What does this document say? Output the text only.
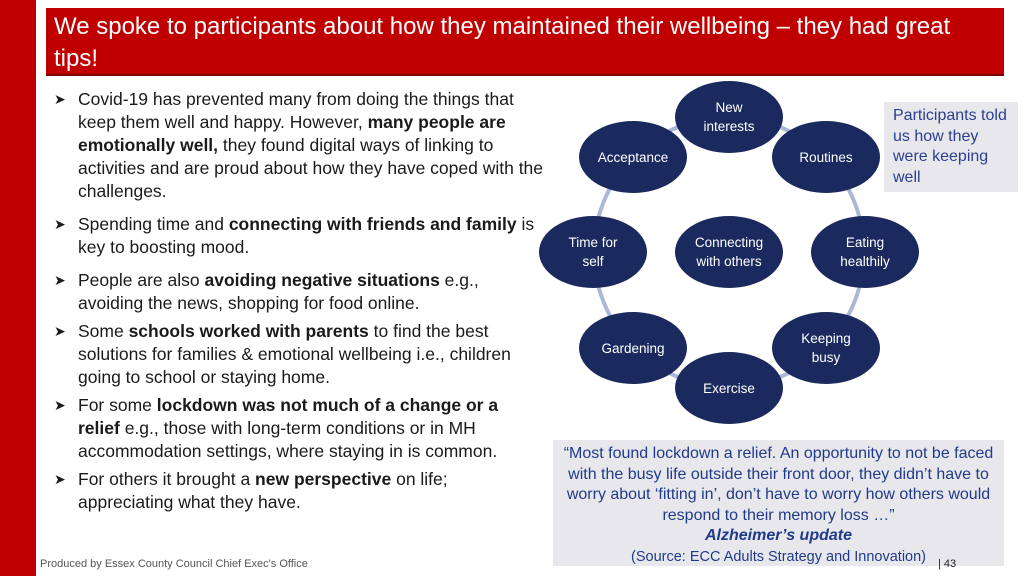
We spoke to participants about how they maintained their wellbeing – they had great tips!
➤ Covid-19 has prevented many from doing the things that keep them well and happy. However, many people are emotionally well, they found digital ways of linking to activities and are proud about how they have coped with the challenges.
➤ Spending time and connecting with friends and family is key to boosting mood.
➤ People are also avoiding negative situations e.g., avoiding the news, shopping for food online.
➤ Some schools worked with parents to find the best solutions for families & emotional wellbeing i.e., children going to school or staying home.
➤ For some lockdown was not much of a change or a relief e.g., those with long-term conditions or in MH accommodation settings, where staying in is common.
➤ For others it brought a new perspective on life; appreciating what they have.
Connecting
with others
New
interests
Routines
Eating
healthily
Keeping
busy
Exercise
Gardening
Time for
self
Acceptance
Participants told us how they were keeping well
“Most found lockdown a relief. An opportunity to not be faced with the busy life outside their front door, they didn’t have to worry about ‘fitting in’, don’t have to worry how others would respond to their memory loss …”
Alzheimer’s update
(Source: ECC Adults Strategy and Innovation)
Produced by Essex County Council Chief Exec's Office	| 43
